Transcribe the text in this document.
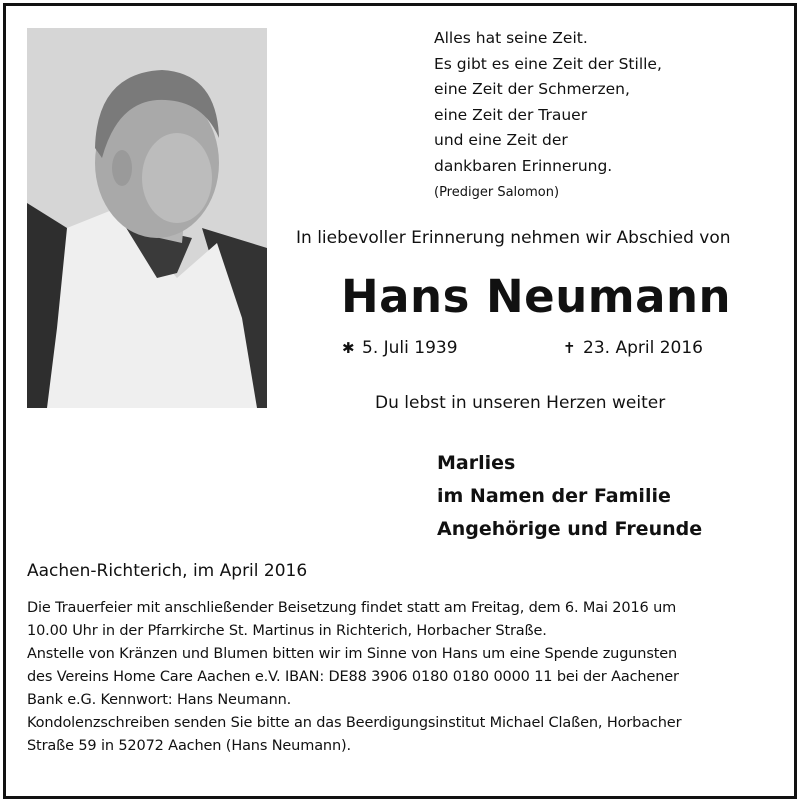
Alles hat seine Zeit.
Es gibt es eine Zeit der Stille,
eine Zeit der Schmerzen,
eine Zeit der Trauer
und eine Zeit der
dankbaren Erinnerung.
(Prediger Salomon)
In liebevoller Erinnerung nehmen wir Abschied von
Hans Neumann
✱ 5. Juli 1939	✝ 23. April 2016
Du lebst in unseren Herzen weiter
Marlies
im Namen der Familie
Angehörige und Freunde
Aachen-Richterich, im April 2016
Die Trauerfeier mit anschließender Beisetzung findet statt am Freitag, dem 6. Mai 2016 um
10.00 Uhr in der Pfarrkirche St. Martinus in Richterich, Horbacher Straße.
Anstelle von Kränzen und Blumen bitten wir im Sinne von Hans um eine Spende zugunsten
des Vereins Home Care Aachen e.V. IBAN: DE88 3906 0180 0180 0000 11 bei der Aachener
Bank e.G. Kennwort: Hans Neumann.
Kondolenzschreiben senden Sie bitte an das Beerdigungsinstitut Michael Claßen, Horbacher
Straße 59 in 52072 Aachen (Hans Neumann).
